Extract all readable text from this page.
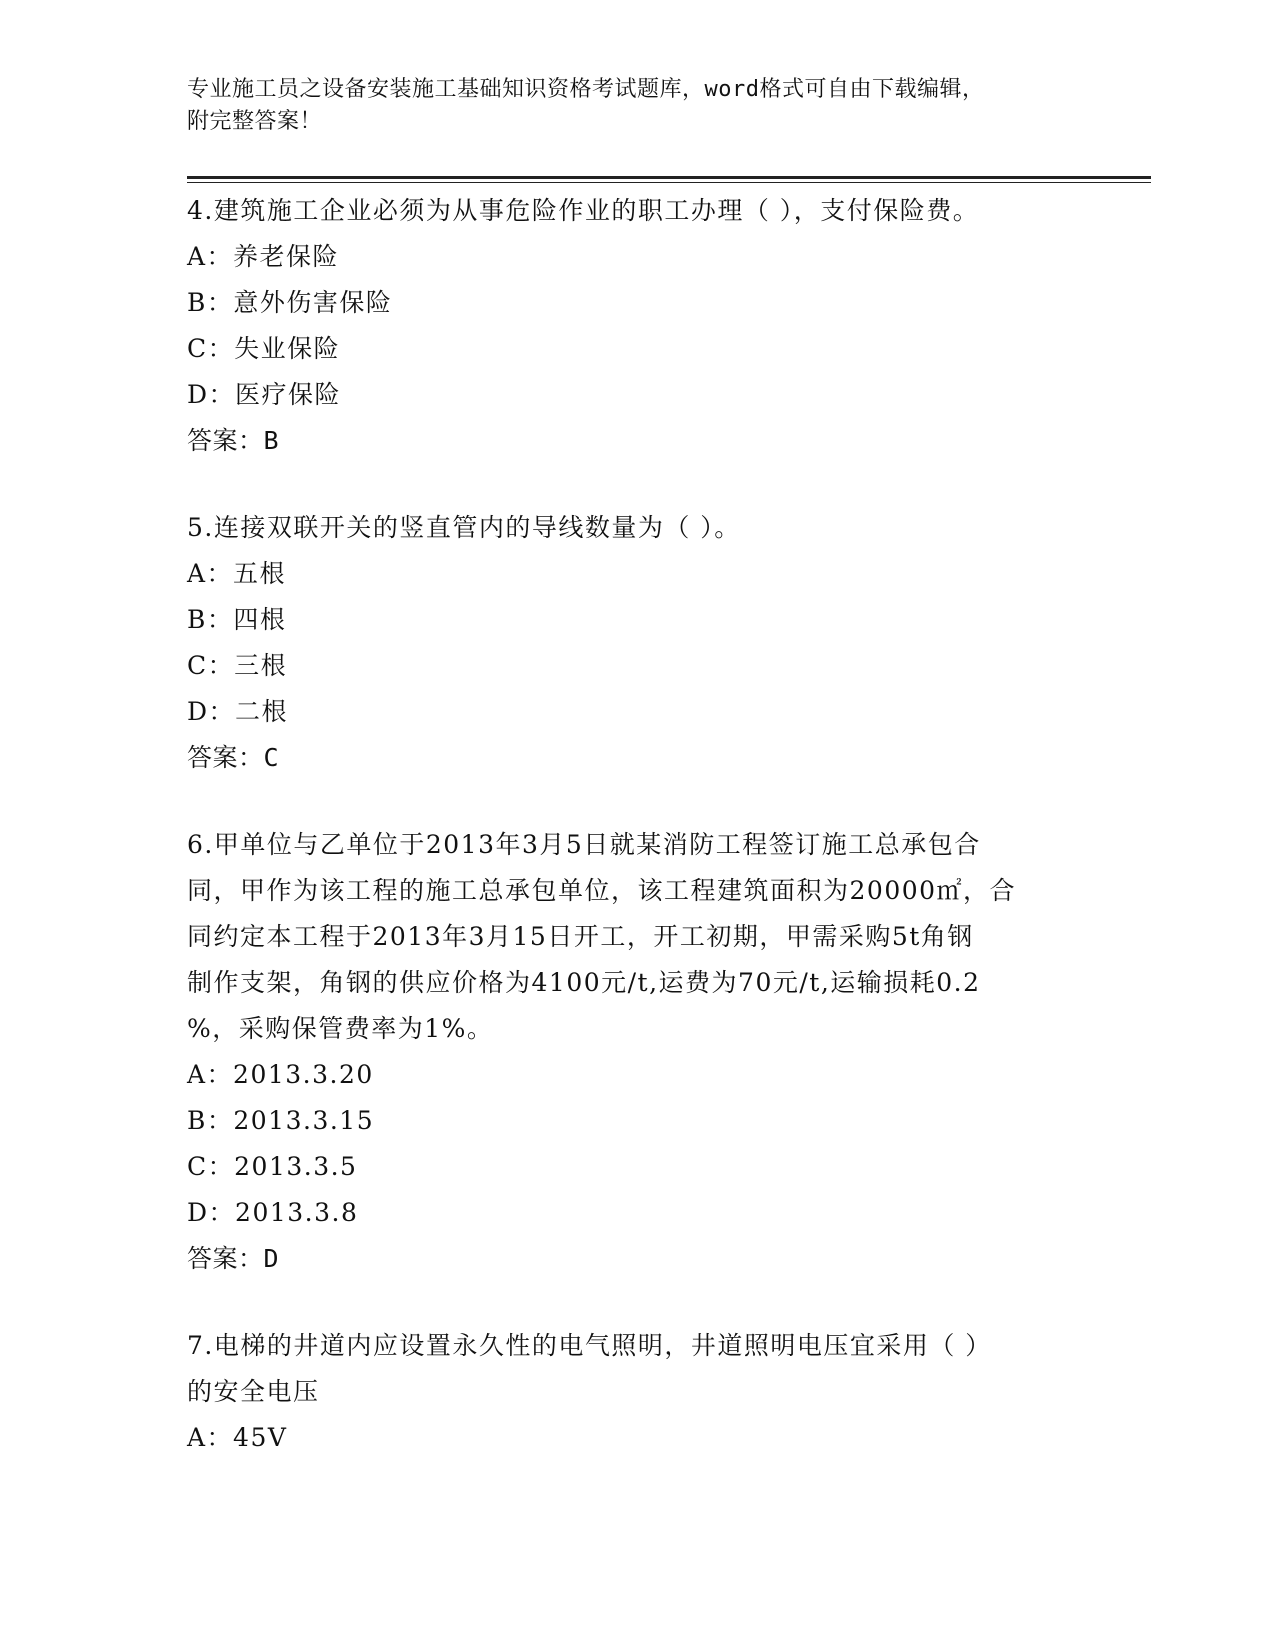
专业施工员之设备安装施工基础知识资格考试题库，word格式可自由下载编辑，
附完整答案！
4.建筑施工企业必须为从事危险作业的职工办理（ ），支付保险费。
A：养老保险
B：意外伤害保险
C：失业保险
D：医疗保险
答案：B
5.连接双联开关的竖直管内的导线数量为（ ）。
A：五根
B：四根
C：三根
D：二根
答案：C
6.甲单位与乙单位于2013年3月5日就某消防工程签订施工总承包合
同，甲作为该工程的施工总承包单位，该工程建筑面积为20000㎡，合
同约定本工程于2013年3月15日开工，开工初期，甲需采购5t角钢
制作支架，角钢的供应价格为4100元/t,运费为70元/t,运输损耗0.2
%，采购保管费率为1%。
A：2013.3.20
B：2013.3.15
C：2013.3.5
D：2013.3.8
答案：D
7.电梯的井道内应设置永久性的电气照明，井道照明电压宜采用（ ）
的安全电压
A：45V
